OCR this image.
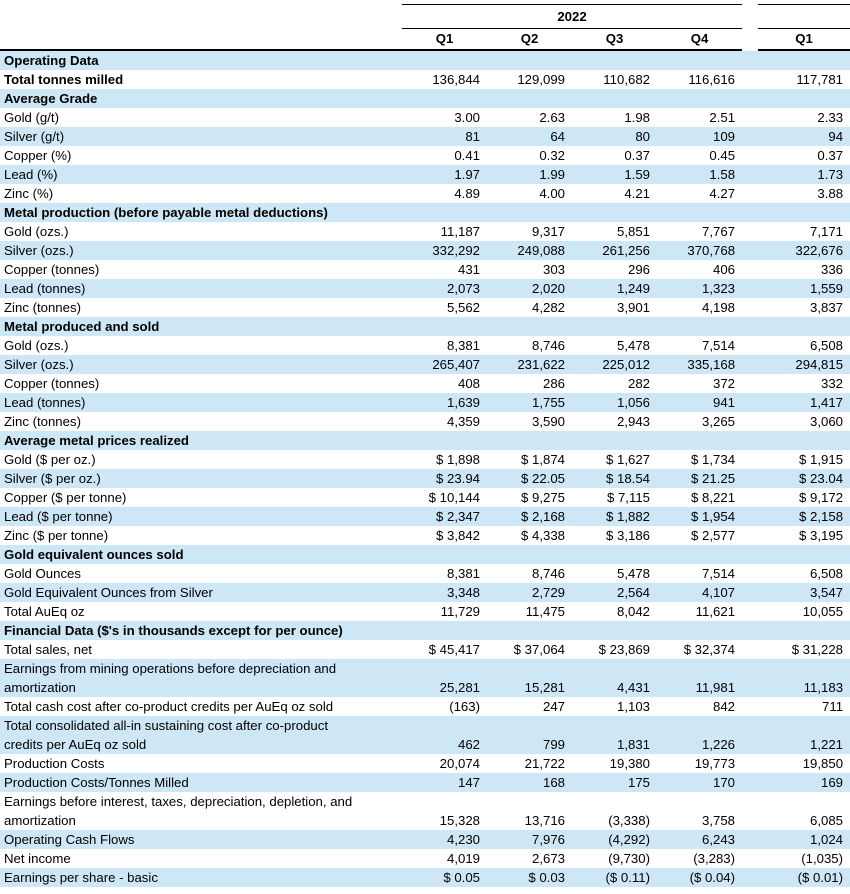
	2022					
	Q1	Q2	Q3	Q4		Q1
Operating Data						
Total tonnes milled	136,844	129,099	110,682	116,616		117,781
Average Grade						
Gold (g/t)	3.00	2.63	1.98	2.51		2.33
Silver (g/t)	81	64	80	109		94
Copper (%)	0.41	0.32	0.37	0.45		0.37
Lead (%)	1.97	1.99	1.59	1.58		1.73
Zinc (%)	4.89	4.00	4.21	4.27		3.88
Metal production (before payable metal deductions)						
Gold (ozs.)	11,187	9,317	5,851	7,767		7,171
Silver (ozs.)	332,292	249,088	261,256	370,768		322,676
Copper (tonnes)	431	303	296	406		336
Lead (tonnes)	2,073	2,020	1,249	1,323		1,559
Zinc (tonnes)	5,562	4,282	3,901	4,198		3,837
Metal produced and sold						
Gold (ozs.)	8,381	8,746	5,478	7,514		6,508
Silver (ozs.)	265,407	231,622	225,012	335,168		294,815
Copper (tonnes)	408	286	282	372		332
Lead (tonnes)	1,639	1,755	1,056	941		1,417
Zinc (tonnes)	4,359	3,590	2,943	3,265		3,060
Average metal prices realized						
Gold ($ per oz.)	$ 1,898	$ 1,874	$ 1,627	$ 1,734		$ 1,915
Silver ($ per oz.)	$ 23.94	$ 22.05	$ 18.54	$ 21.25		$ 23.04
Copper ($ per tonne)	$ 10,144	$ 9,275	$ 7,115	$ 8,221		$ 9,172
Lead ($ per tonne)	$ 2,347	$ 2,168	$ 1,882	$ 1,954		$ 2,158
Zinc ($ per tonne)	$ 3,842	$ 4,338	$ 3,186	$ 2,577		$ 3,195
Gold equivalent ounces sold						
Gold Ounces	8,381	8,746	5,478	7,514		6,508
Gold Equivalent Ounces from Silver	3,348	2,729	2,564	4,107		3,547
Total AuEq oz	11,729	11,475	8,042	11,621		10,055
Financial Data ($'s in thousands except for per ounce)						
Total sales, net	$ 45,417	$ 37,064	$ 23,869	$ 32,374		$ 31,228

Earnings from mining operations before depreciation and
amortization	25,281	15,281	4,431	11,981		11,183
Total cash cost after co-product credits per AuEq oz sold	(163)	247	1,103	842		711

Total consolidated all-in sustaining cost after co-product
credits per AuEq oz sold	462	799	1,831	1,226		1,221
Production Costs	20,074	21,722	19,380	19,773		19,850
Production Costs/Tonnes Milled	147	168	175	170		169

Earnings before interest, taxes, depreciation, depletion, and
amortization	15,328	13,716	(3,338)	3,758		6,085
Operating Cash Flows	4,230	7,976	(4,292)	6,243		1,024
Net income	4,019	2,673	(9,730)	(3,283)		(1,035)
Earnings per share - basic	$ 0.05	$ 0.03	($ 0.11)	($ 0.04)		($ 0.01)
